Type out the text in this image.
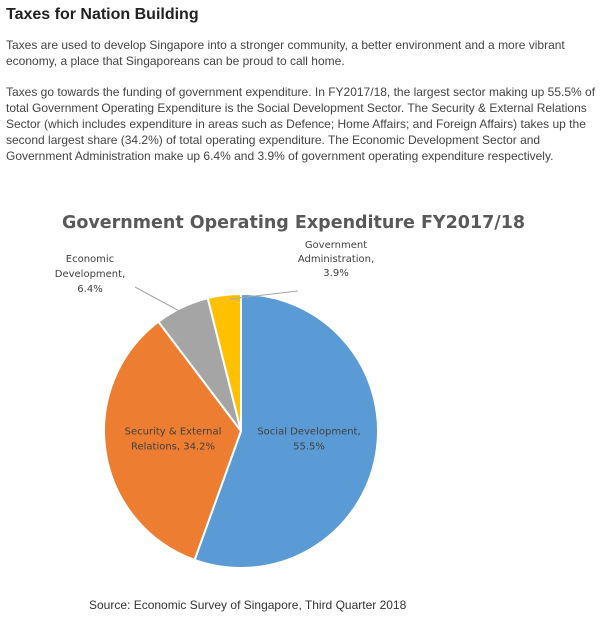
Taxes for Nation Building

Taxes are used to develop Singapore into a stronger community, a better environment and a more vibrant economy, a place that Singaporeans can be proud to call home.

Taxes go towards the funding of government expenditure. In FY2017/18, the largest sector making up 55.5% of total Government Operating Expenditure is the Social Development Sector. The Security & External Relations Sector (which includes expenditure in areas such as Defence; Home Affairs; and Foreign Affairs) takes up the second largest share (34.2%) of total operating expenditure. The Economic Development Sector and Government Administration make up 6.4% and 3.9% of government operating expenditure respectively.

Government Operating Expenditure FY2017/18
Social Development, 55.5%
Security & External Relations, 34.2%
Economic Development, 6.4%
Government Administration, 3.9%

Source: Economic Survey of Singapore, Third Quarter 2018
